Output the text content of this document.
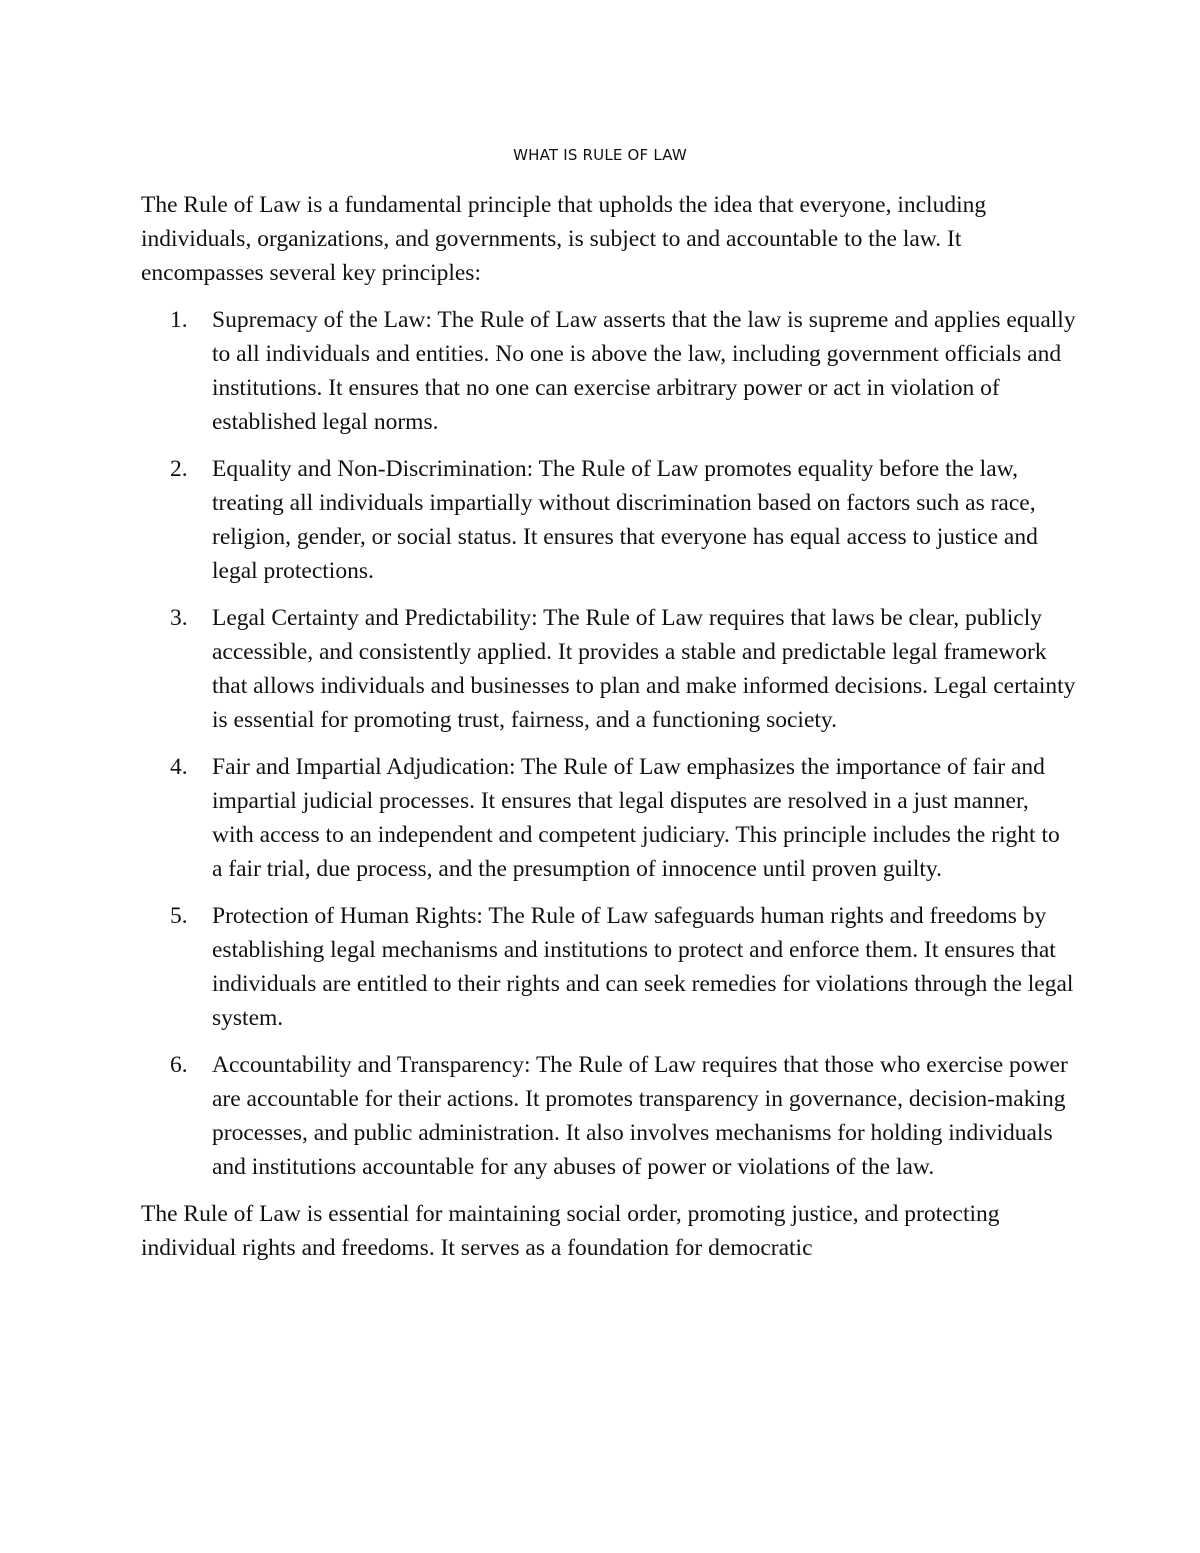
WHAT IS RULE OF LAW

The Rule of Law is a fundamental principle that upholds the idea that everyone, including individuals, organizations, and governments, is subject to and accountable to the law. It encompasses several key principles:

1. Supremacy of the Law: The Rule of Law asserts that the law is supreme and applies equally to all individuals and entities. No one is above the law, including government officials and institutions. It ensures that no one can exercise arbitrary power or act in violation of established legal norms.
2. Equality and Non-Discrimination: The Rule of Law promotes equality before the law, treating all individuals impartially without discrimination based on factors such as race, religion, gender, or social status. It ensures that everyone has equal access to justice and legal protections.
3. Legal Certainty and Predictability: The Rule of Law requires that laws be clear, publicly accessible, and consistently applied. It provides a stable and predictable legal framework that allows individuals and businesses to plan and make informed decisions. Legal certainty is essential for promoting trust, fairness, and a functioning society.
4. Fair and Impartial Adjudication: The Rule of Law emphasizes the importance of fair and impartial judicial processes. It ensures that legal disputes are resolved in a just manner, with access to an independent and competent judiciary. This principle includes the right to a fair trial, due process, and the presumption of innocence until proven guilty.
5. Protection of Human Rights: The Rule of Law safeguards human rights and freedoms by establishing legal mechanisms and institutions to protect and enforce them. It ensures that individuals are entitled to their rights and can seek remedies for violations through the legal system.
6. Accountability and Transparency: The Rule of Law requires that those who exercise power are accountable for their actions. It promotes transparency in governance, decision-making processes, and public administration. It also involves mechanisms for holding individuals and institutions accountable for any abuses of power or violations of the law.

The Rule of Law is essential for maintaining social order, promoting justice, and protecting individual rights and freedoms. It serves as a foundation for democratic
